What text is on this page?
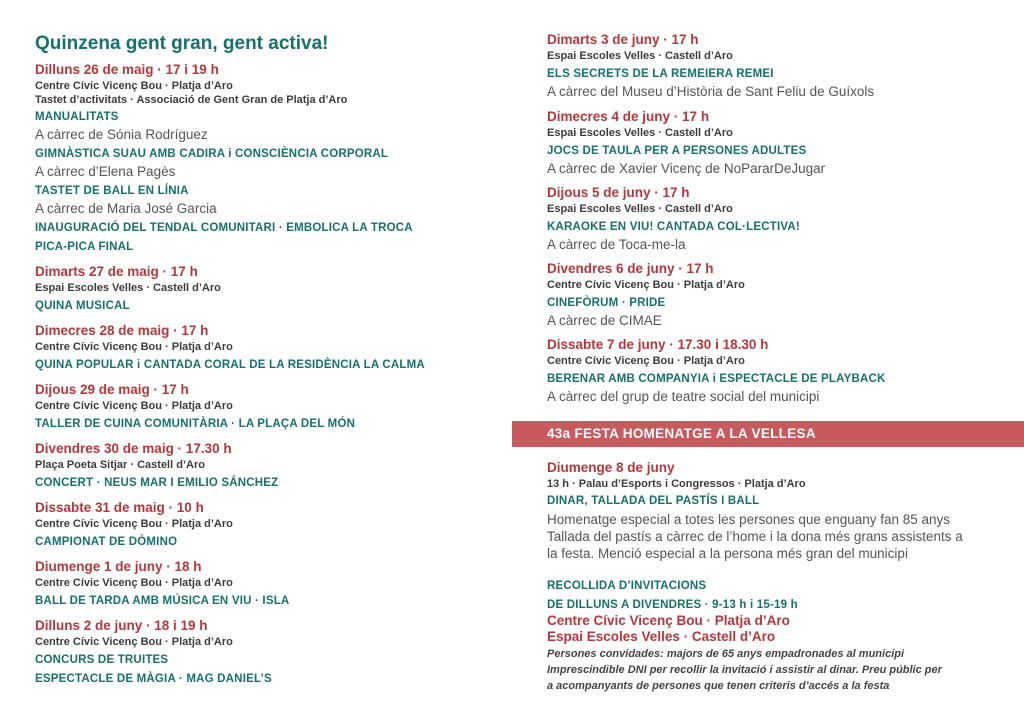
Quinzena gent gran, gent activa!
Dilluns 26 de maig · 17 i 19 h
Centre Cívic Vicenç Bou · Platja d’Aro
Tastet d’activitats · Associació de Gent Gran de Platja d’Aro
MANUALITATS
A càrrec de Sónia Rodríguez
GIMNÀSTICA SUAU AMB CADIRA i CONSCIÈNCIA CORPORAL
A càrrec d’Elena Pagès
TASTET DE BALL EN LÍNIA
A càrrec de Maria José Garcia
INAUGURACIÓ DEL TENDAL COMUNITARI · EMBOLICA LA TROCA
PICA-PICA FINAL
Dimarts 27 de maig · 17 h
Espai Escoles Velles · Castell d’Aro
QUINA MUSICAL
Dimecres 28 de maig · 17 h
Centre Cívic Vicenç Bou · Platja d’Aro
QUINA POPULAR i CANTADA CORAL DE LA RESIDÈNCIA LA CALMA
Dijous 29 de maig · 17 h
Centre Cívic Vicenç Bou · Platja d’Aro
TALLER DE CUINA COMUNITÀRIA · LA PLAÇA DEL MÓN
Divendres 30 de maig · 17.30 h
Plaça Poeta Sitjar · Castell d’Aro
CONCERT · NEUS MAR I EMILIO SÁNCHEZ
Dissabte 31 de maig · 10 h
Centre Cívic Vicenç Bou · Platja d’Aro
CAMPIONAT DE DÒMINO
Diumenge 1 de juny · 18 h
Centre Cívic Vicenç Bou · Platja d’Aro
BALL DE TARDA AMB MÚSICA EN VIU · ISLA
Dilluns 2 de juny · 18 i 19 h
Centre Cívic Vicenç Bou · Platja d’Aro
CONCURS DE TRUITES
ESPECTACLE DE MÀGIA · MAG DANIEL’S
Dimarts 3 de juny · 17 h
Espai Escoles Velles · Castell d’Aro
ELS SECRETS DE LA REMEIERA REMEI
A càrrec del Museu d’Història de Sant Feliu de Guíxols
Dimecres 4 de juny · 17 h
Espai Escoles Velles · Castell d’Aro
JOCS DE TAULA PER A PERSONES ADULTES
A càrrec de Xavier Vicenç de NoPararDeJugar
Dijous 5 de juny · 17 h
Espai Escoles Velles · Castell d’Aro
KARAOKE EN VIU! CANTADA COL·LECTIVA!
A càrrec de Toca-me-la
Divendres 6 de juny · 17 h
Centre Cívic Vicenç Bou · Platja d’Aro
CINEFÒRUM · PRIDE
A càrrec de CIMAE
Dissabte 7 de juny · 17.30 i 18.30 h
Centre Cívic Vicenç Bou · Platja d’Aro
BERENAR AMB COMPANYIA i ESPECTACLE DE PLAYBACK
A càrrec del grup de teatre social del municipi
Diumenge 8 de juny
13 h · Palau d’Esports i Congressos · Platja d’Aro
DINAR, TALLADA DEL PASTÍS I BALL
Homenatge especial a totes les persones que enguany fan 85 anys
Tallada del pastís a càrrec de l’home i la dona més grans assistents a
la festa. Menció especial a la persona més gran del municipi
RECOLLIDA D’INVITACIONS
DE DILLUNS A DIVENDRES · 9-13 h i 15-19 h
Centre Cívic Vicenç Bou · Platja d’Aro
Espai Escoles Velles · Castell d’Aro
Persones convidades: majors de 65 anys empadronades al municipi
Imprescindible DNI per recollir la invitació i assistir al dinar. Preu públic per
a acompanyants de persones que tenen criteris d’accés a la festa
43a FESTA HOMENATGE A LA VELLESA
